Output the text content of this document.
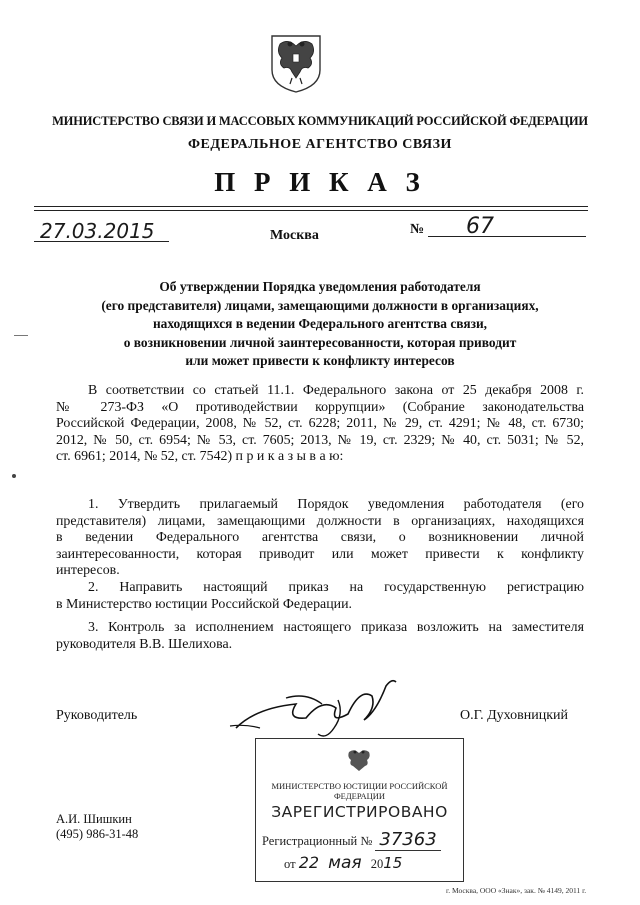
МИНИСТЕРСТВО СВЯЗИ И МАССОВЫХ КОММУНИКАЦИЙ РОССИЙСКОЙ ФЕДЕРАЦИИ
ФЕДЕРАЛЬНОЕ АГЕНТСТВО СВЯЗИ
П Р И К А З
27.03.2015	Москва	№ 67
Об утверждении Порядка уведомления работодателя
(его представителя) лицами, замещающими должности в организациях,
находящихся в ведении Федерального агентства связи,
о возникновении личной заинтересованности, которая приводит
или может привести к конфликту интересов
В соответствии со статьей 11.1. Федерального закона от 25 декабря 2008 г.
№ 273-ФЗ «О противодействии коррупции» (Собрание законодательства
Российской Федерации, 2008, № 52, ст. 6228; 2011, № 29, ст. 4291; № 48, ст. 6730;
2012, № 50, ст. 6954; № 53, ст. 7605; 2013, № 19, ст. 2329; № 40, ст. 5031; № 52,
ст. 6961; 2014, № 52, ст. 7542) п р и к а з ы в а ю:
1. Утвердить прилагаемый Порядок уведомления работодателя (его
представителя) лицами, замещающими должности в организациях, находящихся
в ведении Федерального агентства связи, о возникновении личной
заинтересованности, которая приводит или может привести к конфликту
интересов.
2. Направить настоящий приказ на государственную регистрацию
в Министерство юстиции Российской Федерации.
3. Контроль за исполнением настоящего приказа возложить на заместителя
руководителя В.В. Шелихова.
Руководитель	О.Г. Духовницкий
А.И. Шишкин
(495) 986-31-48
МИНИСТЕРСТВО ЮСТИЦИИ РОССИЙСКОЙ ФЕДЕРАЦИИ
ЗАРЕГИСТРИРОВАНО
Регистрационный № 37363
от 22 мая 2015
г. Москва, ООО «Знак», зак. № 4149, 2011 г.
